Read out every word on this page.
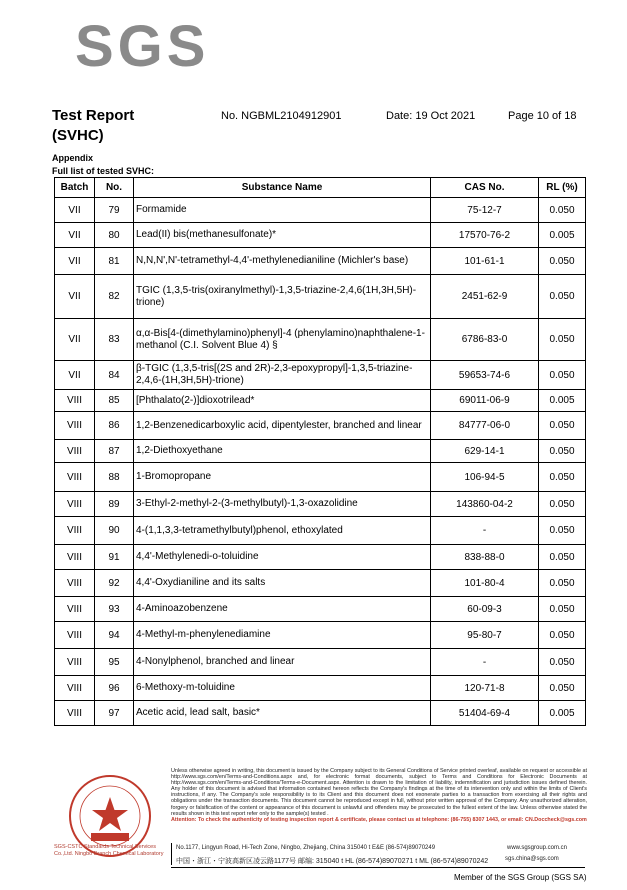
SGS
Test Report
(SVHC)
No. NGBML2104912901	Date: 19 Oct 2021	Page 10 of 18
Appendix
Full list of tested SVHC:
Batch	No.	Substance Name	CAS No.	RL (%)
VII	79	Formamide	75-12-7	0.050
VII	80	Lead(II) bis(methanesulfonate)*	17570-76-2	0.005
VII	81	N,N,N',N'-tetramethyl-4,4'-methylenedianiline (Michler's base)	101-61-1	0.050
VII	82	TGIC (1,3,5-tris(oxiranylmethyl)-1,3,5-triazine-2,4,6(1H,3H,5H)-trione)	2451-62-9	0.050
VII	83	α,α-Bis[4-(dimethylamino)phenyl]-4 (phenylamino)naphthalene-1-methanol (C.I. Solvent Blue 4) §	6786-83-0	0.050
VII	84	β-TGIC (1,3,5-tris[(2S and 2R)-2,3-epoxypropyl]-1,3,5-triazine-2,4,6-(1H,3H,5H)-trione)	59653-74-6	0.050
VIII	85	[Phthalato(2-)]dioxotrilead*	69011-06-9	0.005
VIII	86	1,2-Benzenedicarboxylic acid, dipentylester, branched and linear	84777-06-0	0.050
VIII	87	1,2-Diethoxyethane	629-14-1	0.050
VIII	88	1-Bromopropane	106-94-5	0.050
VIII	89	3-Ethyl-2-methyl-2-(3-methylbutyl)-1,3-oxazolidine	143860-04-2	0.050
VIII	90	4-(1,1,3,3-tetramethylbutyl)phenol, ethoxylated	-	0.050
VIII	91	4,4'-Methylenedi-o-toluidine	838-88-0	0.050
VIII	92	4,4'-Oxydianiline and its salts	101-80-4	0.050
VIII	93	4-Aminoazobenzene	60-09-3	0.050
VIII	94	4-Methyl-m-phenylenediamine	95-80-7	0.050
VIII	95	4-Nonylphenol, branched and linear	-	0.050
VIII	96	6-Methoxy-m-toluidine	120-71-8	0.050
VIII	97	Acetic acid, lead salt, basic*	51404-69-4	0.005
Unless otherwise agreed in writing, this document is issued by the Company subject to its General Conditions of Service printed overleaf, available on request or accessible at http://www.sgs.com/en/Terms-and-Conditions.aspx and, for electronic format documents, subject to Terms and Conditions for Electronic Documents at http://www.sgs.com/en/Terms-and-Conditions/Terms-e-Document.aspx. Attention is drawn to the limitation of liability, indemnification and jurisdiction issues defined therein. Any holder of this document is advised that information contained hereon reflects the Company's findings at the time of its intervention only and within the limits of Client's instructions, if any. The Company's sole responsibility is to its Client and this document does not exonerate parties to a transaction from exercising all their rights and obligations under the transaction documents. This document cannot be reproduced except in full, without prior written approval of the Company. Any unauthorized alteration, forgery or falsification of the content or appearance of this document is unlawful and offenders may be prosecuted to the fullest extent of the law. Unless otherwise stated the results shown in this test report refer only to the sample(s) tested .
Attention: To check the authenticity of testing inspection report & certificate, please contact us at telephone: (86-755) 8307 1443, or email: CN.Doccheck@sgs.com
SGS-CSTC Standards Technical Services Co.,Ltd. Ningbo Branch Chemical Laboratory
No.1177, Lingyun Road, Hi-Tech Zone, Ningbo, Zhejiang, China 315040 t E&E (86-574)89070249
中国・浙江・宁波高新区凌云路1177号 邮编: 315040 t HL (86-574)89070271 t ML (86-574)89070242
www.sgsgroup.com.cn
sgs.china@sgs.com
Member of the SGS Group (SGS SA)
